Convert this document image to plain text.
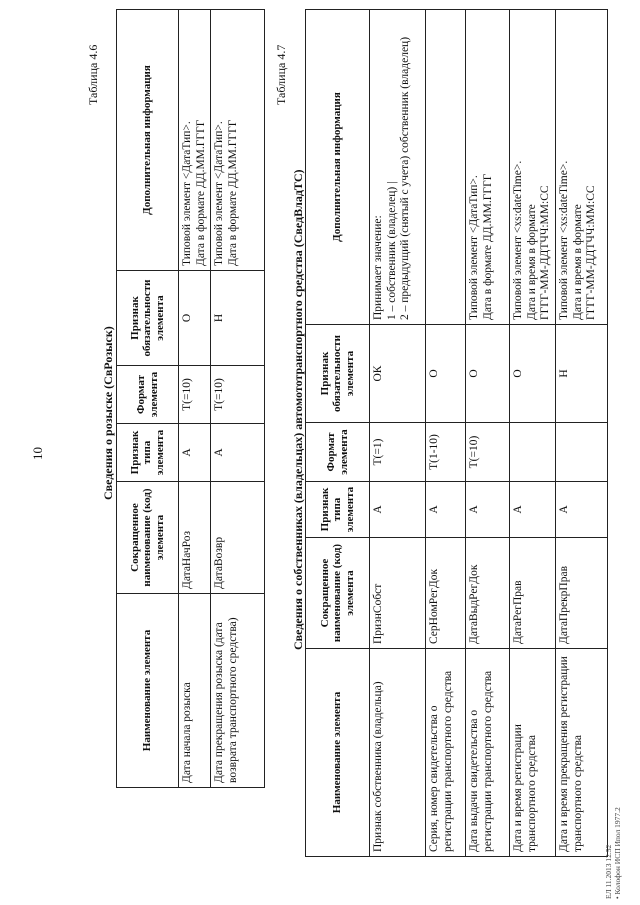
10
Таблица 4.6
Сведения о розыске (СвРозыск)
Наименование элемента	Сокращенное наименование (код) элемента	Признак типа элемента	Формат элемента	Признак обязательности элемента	Дополнительная информация
Дата начала розыска	ДатаНачРоз	А	Т(=10)	О	Типовой элемент <ДатаТип>. Дата в формате ДД.ММ.ГГГГ

Дата прекращения розыска (дата возврата транспортного средства)	ДатаВозвр	А	Т(=10)	Н	Типовой элемент <ДатаТип>. Дата в формате ДД.ММ.ГГГГ
Таблица 4.7
Сведения о собственниках (владельцах) автомототранспортного средства (СведВладТС)
Наименование элемента	Сокращенное наименование (код) элемента	Признак типа элемента	Формат элемента	Признак обязательности элемента	Дополнительная информация
Признак собственника (владельца)	ПризнСобст	А	Т(=1)	ОК	Принимает значение: 1 – собственник (владелец) | 2 – предыдущий (снятый с учета) собственник (владелец)

Серия, номер свидетельства о регистрации транспортного средства	СерНомРегДок	А	Т(1-10)	О	
Дата выдачи свидетельства о регистрации транспортного средства	ДатаВыдРегДок	А	Т(=10)	О	Типовой элемент <ДатаТип>. Дата в формате ДД.ММ.ГГГГ

Дата и время регистрации транспортного средства	ДатаРегПрав	А		О	Типовой элемент <xs:dateTime>. Дата и время в формате ГГГГ-ММ-ДДТЧЧ:ММ:СС

Дата и время прекращения регистрации транспортного средства	ДатаПрекрПрав	А		Н	Типовой элемент <xs:dateTime>. Дата и время в формате ГГГГ-ММ-ДДТЧЧ:ММ:СС
ЕЛ 11.2013 12.52 • Колофон ИСП Ипол 1977.2
